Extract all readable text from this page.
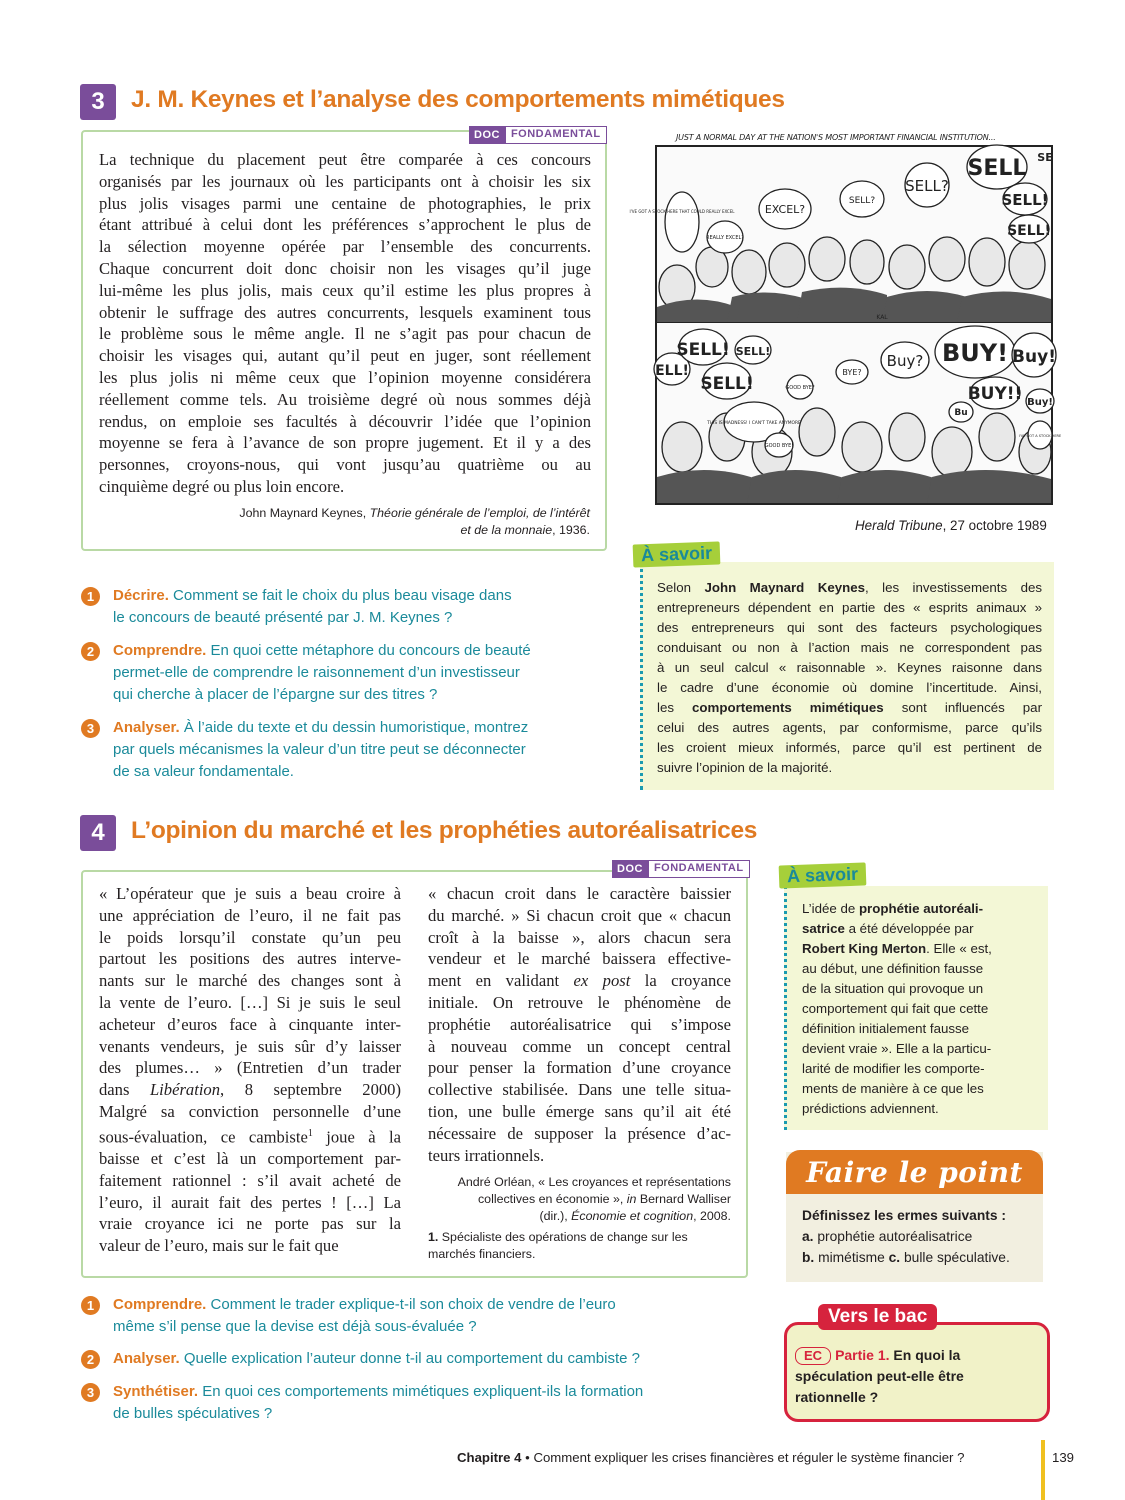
3	J. M. Keynes et l’analyse des comportements mimétiques
DOC	FONDAMENTAL
La technique du placement peut être comparée à ces concours
organisés par les journaux où les participants ont à choisir les six
plus jolis visages parmi une centaine de photographies, le prix
étant attribué à celui dont les préférences s’approchent le plus de
la sélection moyenne opérée par l’ensemble des concurrents.
Chaque concurrent doit donc choisir non les visages qu’il juge
lui-même les plus jolis, mais ceux qu’il estime les plus propres à
obtenir le suffrage des autres concurrents, lesquels examinent tous
le problème sous le même angle. Il ne s’agit pas pour chacun de
choisir les visages qui, autant qu’il peut en juger, sont réellement
les plus jolis ni même ceux que l’opinion moyenne considérera
réellement comme tels. Au troisième degré où nous sommes déjà
rendus, on emploie ses facultés à découvrir l’idée que l’opinion
moyenne se fera à l’avance de son propre jugement. Et il y a des
personnes, croyons-nous, qui vont jusqu’au quatrième ou au
cinquième degré ou plus loin encore.
John Maynard Keynes, Théorie générale de l’emploi, de l’intérêt
et de la monnaie, 1936.
JUST A NORMAL DAY AT THE NATION'S MOST IMPORTANT FINANCIAL INSTITUTION...
I'VE GOT A STOCK HERE THAT COULD REALLY EXCEL
REALLY EXCEL?
EXCEL?
SELL?
SELL?
SELL
SELL!
SELL!
SE
KAL
SELL! SELL!
SELL!
ELL!
GOOD BYE?
BYE?
Buy? BUY! Buy!
BUY!! Buy!
Bu
THIS IS MADNESS! I CAN'T TAKE ANYMORE
GOOD BYE!
I'VE GOT A STOCK HERE
Herald Tribune, 27 octobre 1989
À savoir
Selon John Maynard Keynes, les investissements des
entrepreneurs dépendent en partie des « esprits animaux »
des entrepreneurs qui sont des facteurs psychologiques
conduisant ou non à l’action mais ne correspondent pas
à un seul calcul « raisonnable ». Keynes raisonne dans
le cadre d’une économie où domine l’incertitude. Ainsi,
les comportements mimétiques sont influencés par
celui des autres agents, par conformisme, parce qu’ils
les croient mieux informés, parce qu’il est pertinent de
suivre l’opinion de la majorité.
1	Décrire. Comment se fait le choix du plus beau visage dans
le concours de beauté présenté par J. M. Keynes ?
2	Comprendre. En quoi cette métaphore du concours de beauté
permet-elle de comprendre le raisonnement d’un investisseur
qui cherche à placer de l’épargne sur des titres ?
3	Analyser. À l’aide du texte et du dessin humoristique, montrez
par quels mécanismes la valeur d’un titre peut se déconnecter
de sa valeur fondamentale.
4	L’opinion du marché et les prophéties autoréalisatrices
DOC	FONDAMENTAL
« L’opérateur que je suis a beau croire à
une appréciation de l’euro, il ne fait pas
le poids lorsqu’il constate qu’un peu
partout les positions des autres interve-
nants sur le marché des changes sont à
la vente de l’euro. […] Si je suis le seul
acheteur d’euros face à cinquante inter-
venants vendeurs, je suis sûr d’y laisser
des plumes… » (Entretien d’un trader
dans Libération, 8 septembre 2000)
Malgré sa conviction personnelle d’une
sous-évaluation, ce cambiste$^1$ joue à la
baisse et c’est là un comportement par-
faitement rationnel : s’il avait acheté de
l’euro, il aurait fait des pertes ! […] La
vraie croyance ici ne porte pas sur la
valeur de l’euro, mais sur le fait que
« chacun croit dans le caractère baissier
du marché. » Si chacun croit que « chacun
croît à la baisse », alors chacun sera
vendeur et le marché baissera effective-
ment en validant ex post la croyance
initiale. On retrouve le phénomène de
prophétie autoréalisatrice qui s’impose
à nouveau comme un concept central
pour penser la formation d’une croyance
collective stabilisée. Dans une telle situa-
tion, une bulle émerge sans qu’il ait été
nécessaire de supposer la présence d’ac-
teurs irrationnels.
André Orléan, « Les croyances et représentations
collectives en économie », in Bernard Walliser
(dir.), Économie et cognition, 2008.
1. Spécialiste des opérations de change sur les
marchés financiers.
À savoir
L’idée de prophétie autoréali-
satrice a été développée par
Robert King Merton. Elle « est,
au début, une définition fausse
de la situation qui provoque un
comportement qui fait que cette
définition initialement fausse
devient vraie ». Elle a la particu-
larité de modifier les comporte-
ments de manière à ce que les
prédictions adviennent.
Faire le point
Définissez les ermes suivants :
a. prophétie autoréalisatrice
b. mimétisme c. bulle spéculative.
Vers le bac
EC Partie 1. En quoi la
spéculation peut-elle être
rationnelle ?
1	Comprendre. Comment le trader explique-t-il son choix de vendre de l’euro
même s’il pense que la devise est déjà sous-évaluée ?
2	Analyser. Quelle explication l’auteur donne t-il au comportement du cambiste ?
3	Synthétiser. En quoi ces comportements mimétiques expliquent-ils la formation
de bulles spéculatives ?
Chapitre 4 • Comment expliquer les crises financières et réguler le système financier ?	139
